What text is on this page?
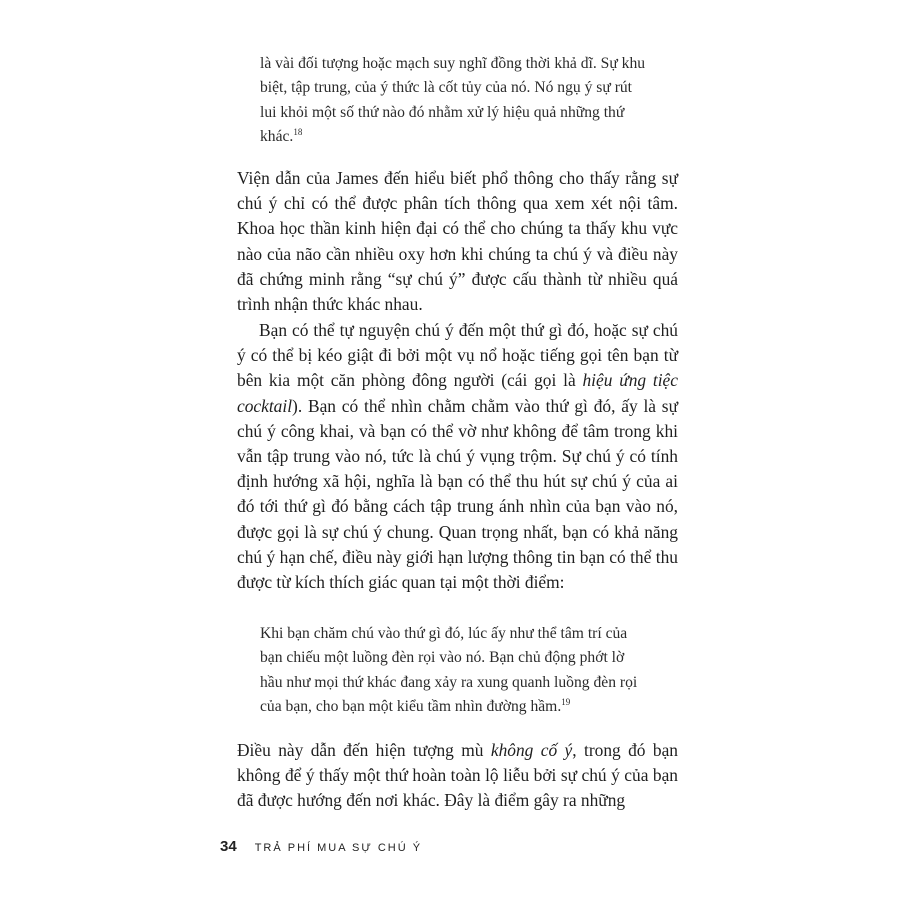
là vài đối tượng hoặc mạch suy nghĩ đồng thời khả dĩ. Sự khu
biệt, tập trung, của ý thức là cốt tủy của nó. Nó ngụ ý sự rút
lui khỏi một số thứ nào đó nhằm xử lý hiệu quả những thứ
khác.$^{18}$

Viện dẫn của James đến hiểu biết phổ thông cho thấy rằng sự chú ý chỉ có thể được phân tích thông qua xem xét nội tâm. Khoa học thần kinh hiện đại có thể cho chúng ta thấy khu vực nào của não cần nhiều oxy hơn khi chúng ta chú ý và điều này đã chứng minh rằng “sự chú ý” được cấu thành từ nhiều quá trình nhận thức khác nhau.

Bạn có thể tự nguyện chú ý đến một thứ gì đó, hoặc sự chú ý có thể bị kéo giật đi bởi một vụ nổ hoặc tiếng gọi tên bạn từ bên kia một căn phòng đông người (cái gọi là hiệu ứng tiệc cocktail). Bạn có thể nhìn chằm chằm vào thứ gì đó, ấy là sự chú ý công khai, và bạn có thể vờ như không để tâm trong khi vẫn tập trung vào nó, tức là chú ý vụng trộm. Sự chú ý có tính định hướng xã hội, nghĩa là bạn có thể thu hút sự chú ý của ai đó tới thứ gì đó bằng cách tập trung ánh nhìn của bạn vào nó, được gọi là sự chú ý chung. Quan trọng nhất, bạn có khả năng chú ý hạn chế, điều này giới hạn lượng thông tin bạn có thể thu được từ kích thích giác quan tại một thời điểm:

Khi bạn chăm chú vào thứ gì đó, lúc ấy như thể tâm trí của
bạn chiếu một luồng đèn rọi vào nó. Bạn chủ động phớt lờ
hầu như mọi thứ khác đang xảy ra xung quanh luồng đèn rọi
của bạn, cho bạn một kiểu tầm nhìn đường hầm.$^{19}$

Điều này dẫn đến hiện tượng mù không cố ý, trong đó bạn không để ý thấy một thứ hoàn toàn lộ liễu bởi sự chú ý của bạn đã được hướng đến nơi khác. Đây là điểm gây ra những

34 TRẢ PHÍ MUA SỰ CHÚ Ý
